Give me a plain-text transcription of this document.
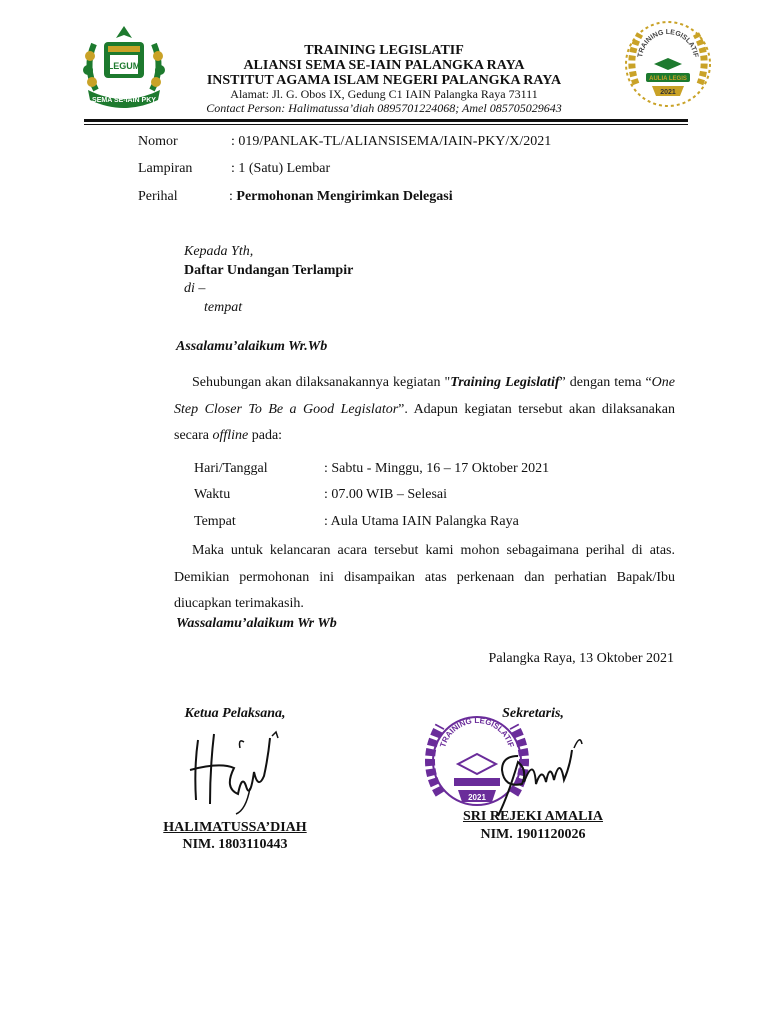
LEGUM
SEMA SE-IAIN PKY
TRAINING LEGISLATIF
AULIA LEGIS
2021
TRAINING LEGISLATIF
ALIANSI SEMA SE-IAIN PALANGKA RAYA
INSTITUT AGAMA ISLAM NEGERI PALANGKA RAYA
Alamat: Jl. G. Obos IX, Gedung C1 IAIN Palangka Raya 73111
Contact Person: Halimatussa’diah 0895701224068; Amel 085705029643
Nomor	: 019/PANLAK-TL/ALIANSISEMA/IAIN-PKY/X/2021
Lampiran	: 1 (Satu) Lembar
Perihal	: Permohonan Mengirimkan Delegasi
Kepada Yth,
Daftar Undangan Terlampir
di –
tempat
Assalamu’alaikum Wr.Wb
Sehubungan akan dilaksanakannya kegiatan "Training Legislatif” dengan tema “One Step Closer To Be a Good Legislator”. Adapun kegiatan tersebut akan dilaksanakan secara offline pada:
Hari/Tanggal	: Sabtu - Minggu, 16 – 17 Oktober 2021
Waktu	: 07.00 WIB – Selesai
Tempat	: Aula Utama IAIN Palangka Raya
Maka untuk kelancaran acara tersebut kami mohon sebagaimana perihal di atas. Demikian permohonan ini disampaikan atas perkenaan dan perhatian Bapak/Ibu diucapkan terimakasih.
Wassalamu’alaikum Wr Wb
Palangka Raya, 13 Oktober 2021
Ketua Pelaksana,	Sekretaris,
TRAINING LEGISLATIF
2021
HALIMATUSSA’DIAH
NIM. 1803110443
SRI REJEKI AMALIA
NIM. 1901120026
